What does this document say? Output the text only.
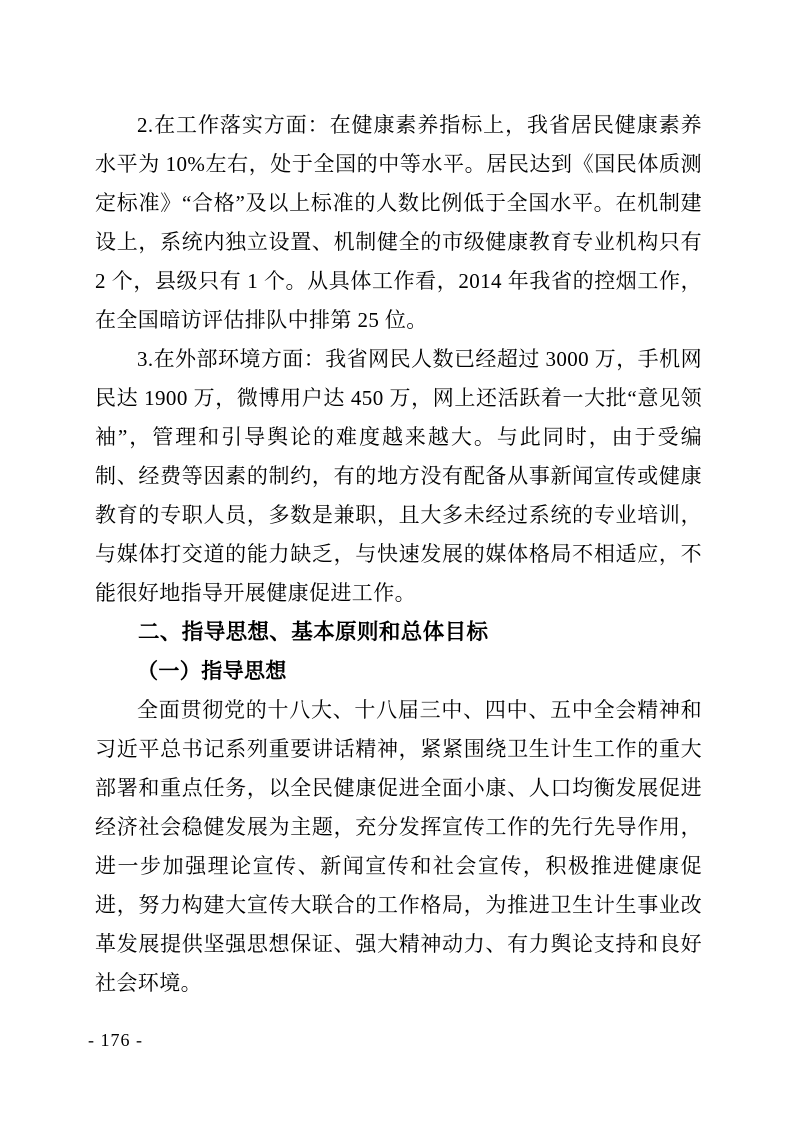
2.在工作落实方面：在健康素养指标上，我省居民健康素养水平为 10%左右，处于全国的中等水平。居民达到《国民体质测定标准》“合格”及以上标准的人数比例低于全国水平。在机制建设上，系统内独立设置、机制健全的市级健康教育专业机构只有 2 个，县级只有 1 个。从具体工作看，2014 年我省的控烟工作，在全国暗访评估排队中排第 25 位。

3.在外部环境方面：我省网民人数已经超过 3000 万，手机网民达 1900 万，微博用户达 450 万，网上还活跃着一大批“意见领袖”，管理和引导舆论的难度越来越大。与此同时，由于受编制、经费等因素的制约，有的地方没有配备从事新闻宣传或健康教育的专职人员，多数是兼职，且大多未经过系统的专业培训，与媒体打交道的能力缺乏，与快速发展的媒体格局不相适应，不能很好地指导开展健康促进工作。

二、指导思想、基本原则和总体目标
（一）指导思想

全面贯彻党的十八大、十八届三中、四中、五中全会精神和习近平总书记系列重要讲话精神，紧紧围绕卫生计生工作的重大部署和重点任务，以全民健康促进全面小康、人口均衡发展促进经济社会稳健发展为主题，充分发挥宣传工作的先行先导作用，进一步加强理论宣传、新闻宣传和社会宣传，积极推进健康促进，努力构建大宣传大联合的工作格局，为推进卫生计生事业改革发展提供坚强思想保证、强大精神动力、有力舆论支持和良好社会环境。

- 176 -
